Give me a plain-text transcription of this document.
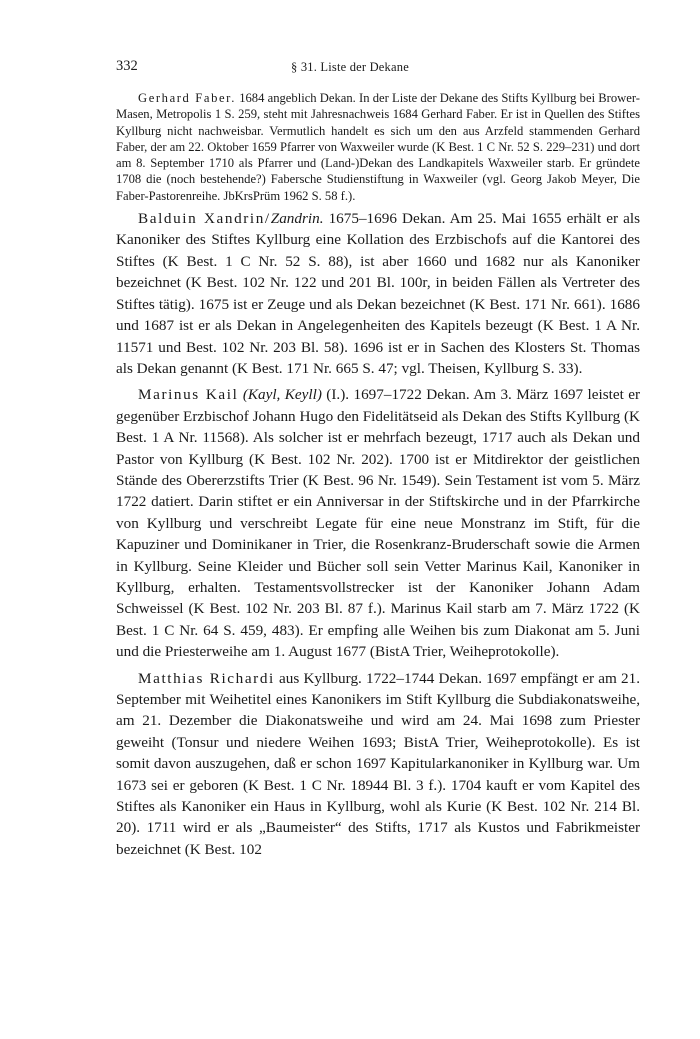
332	§ 31. Liste der Dekane

Gerhard Faber. 1684 angeblich Dekan. In der Liste der Dekane des Stifts Kyllburg bei Brower-Masen, Metropolis 1 S. 259, steht mit Jahresnachweis 1684 Gerhard Faber. Er ist in Quellen des Stiftes Kyllburg nicht nachweisbar. Vermutlich handelt es sich um den aus Arzfeld stammenden Gerhard Faber, der am 22. Oktober 1659 Pfarrer von Waxweiler wurde (K Best. 1 C Nr. 52 S. 229–231) und dort am 8. September 1710 als Pfarrer und (Land-)Dekan des Landkapitels Waxweiler starb. Er gründete 1708 die (noch bestehende?) Fabersche Studienstiftung in Waxweiler (vgl. Georg Jakob Meyer, Die Faber-Pastorenreihe. JbKrsPrüm 1962 S. 58 f.).

Balduin Xandrin/Zandrin. 1675–1696 Dekan. Am 25. Mai 1655 erhält er als Kanoniker des Stiftes Kyllburg eine Kollation des Erzbischofs auf die Kantorei des Stiftes (K Best. 1 C Nr. 52 S. 88), ist aber 1660 und 1682 nur als Kanoniker bezeichnet (K Best. 102 Nr. 122 und 201 Bl. 100r, in beiden Fällen als Vertreter des Stiftes tätig). 1675 ist er Zeuge und als Dekan bezeichnet (K Best. 171 Nr. 661). 1686 und 1687 ist er als Dekan in Angelegenheiten des Kapitels bezeugt (K Best. 1 A Nr. 11571 und Best. 102 Nr. 203 Bl. 58). 1696 ist er in Sachen des Klosters St. Thomas als Dekan genannt (K Best. 171 Nr. 665 S. 47; vgl. Theisen, Kyllburg S. 33).

Marinus Kail (Kayl, Keyll) (I.). 1697–1722 Dekan. Am 3. März 1697 leistet er gegenüber Erzbischof Johann Hugo den Fidelitätseid als Dekan des Stifts Kyllburg (K Best. 1 A Nr. 11568). Als solcher ist er mehrfach bezeugt, 1717 auch als Dekan und Pastor von Kyllburg (K Best. 102 Nr. 202). 1700 ist er Mitdirektor der geistlichen Stände des Obererzstifts Trier (K Best. 96 Nr. 1549). Sein Testament ist vom 5. März 1722 datiert. Darin stiftet er ein Anniversar in der Stiftskirche und in der Pfarrkirche von Kyllburg und verschreibt Legate für eine neue Monstranz im Stift, für die Kapuziner und Dominikaner in Trier, die Rosenkranz-Bruderschaft sowie die Armen in Kyllburg. Seine Kleider und Bücher soll sein Vetter Marinus Kail, Kanoniker in Kyllburg, erhalten. Testamentsvollstrecker ist der Kanoniker Johann Adam Schweissel (K Best. 102 Nr. 203 Bl. 87 f.). Marinus Kail starb am 7. März 1722 (K Best. 1 C Nr. 64 S. 459, 483). Er empfing alle Weihen bis zum Diakonat am 5. Juni und die Priesterweihe am 1. August 1677 (BistA Trier, Weiheprotokolle).

Matthias Richardi aus Kyllburg. 1722–1744 Dekan. 1697 empfängt er am 21. September mit Weihetitel eines Kanonikers im Stift Kyllburg die Subdiakonatsweihe, am 21. Dezember die Diakonatsweihe und wird am 24. Mai 1698 zum Priester geweiht (Tonsur und niedere Weihen 1693; BistA Trier, Weiheprotokolle). Es ist somit davon auszugehen, daß er schon 1697 Kapitularkanoniker in Kyllburg war. Um 1673 sei er geboren (K Best. 1 C Nr. 18944 Bl. 3 f.). 1704 kauft er vom Kapitel des Stiftes als Kanoniker ein Haus in Kyllburg, wohl als Kurie (K Best. 102 Nr. 214 Bl. 20). 1711 wird er als „Baumeister“ des Stifts, 1717 als Kustos und Fabrikmeister bezeichnet (K Best. 102
